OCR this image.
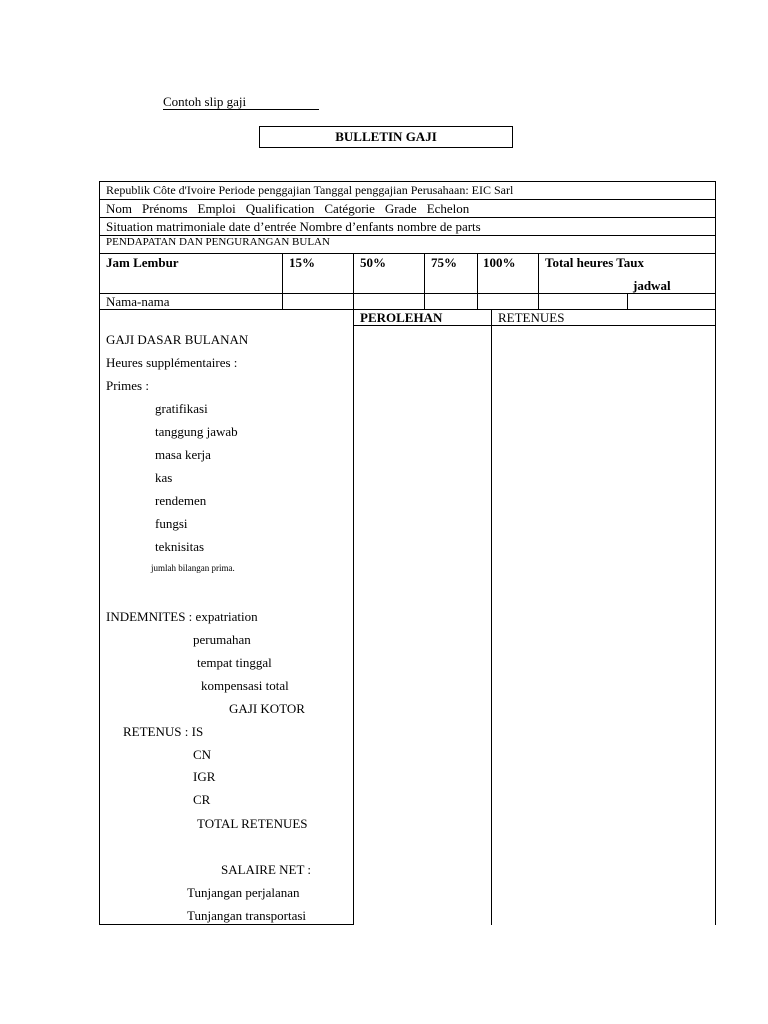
Contoh slip gaji
BULLETIN GAJI
Republik Côte d'Ivoire Periode penggajian Tanggal penggajian Perusahaan: EIC Sarl
Nom Prénoms Emploi Qualification Catégorie Grade Echelon
Situation matrimoniale date d’entrée Nombre d’enfants nombre de parts
PENDAPATAN DAN PENGURANGAN BULAN
Jam Lembur	15%	50%	75% 100% Total heures Taux
jadwal
Nama-nama
PEROLEHAN	RETENUES
GAJI DASAR BULANAN
Heures supplémentaires :
Primes :
gratifikasi
tanggung jawab
masa kerja
kas
rendemen
fungsi
teknisitas
jumlah bilangan prima.
INDEMNITES : expatriation
perumahan
tempat tinggal
kompensasi total
GAJI KOTOR
RETENUS : IS
CN
IGR
CR
TOTAL RETENUES
SALAIRE NET :
Tunjangan perjalanan
Tunjangan transportasi
